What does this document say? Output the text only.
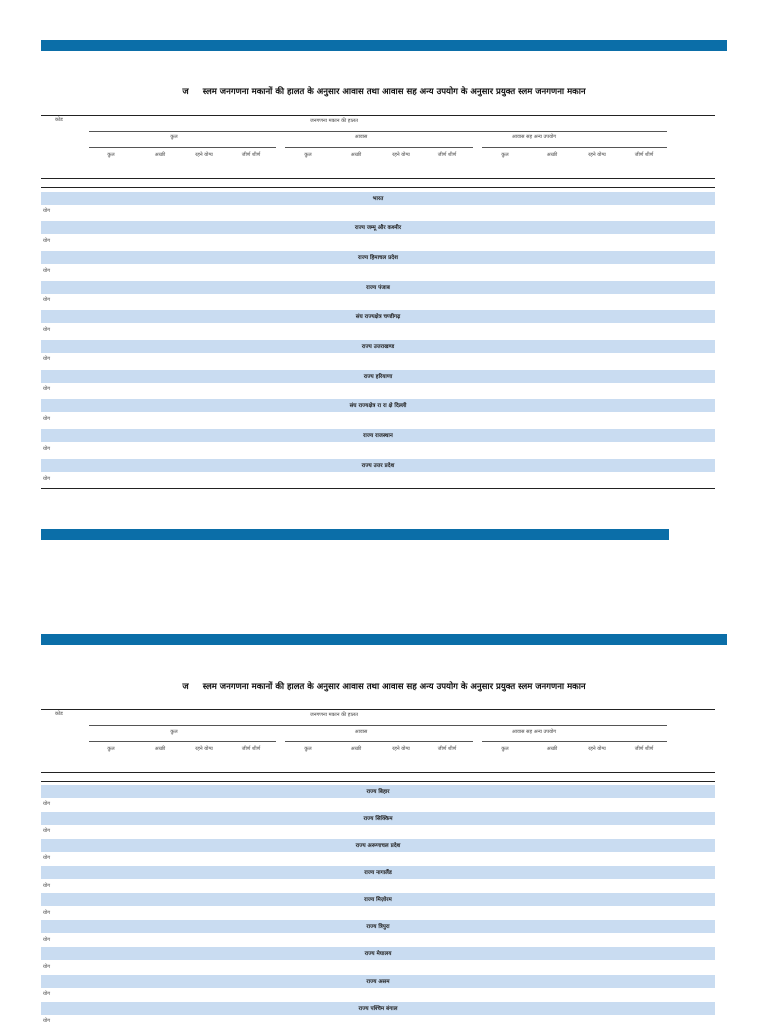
ज स्लम जनगणना मकानों की हालत के अनुसार आवास तथा आवास सह अन्य उपयोग के अनुसार प्रयुक्त स्लम जनगणना मकान
कोड	जनगणना मकान की हालत
कुल	आवास	आवास सह अन्य उपयोग
कुल	अच्छी	रहने योग्य	जीर्ण शीर्ण	कुल	अच्छी	रहने योग्य	जीर्ण शीर्ण	कुल	अच्छी	रहने योग्य	जीर्ण शीर्ण
भारत
योग
राज्य जम्मू और कश्मीर
योग
राज्य हिमाचल प्रदेश
योग
राज्य पंजाब
योग
संघ राज्यक्षेत्र चण्डीगढ़
योग
राज्य उत्तराखण्ड
योग
राज्य हरियाणा
योग
संघ राज्यक्षेत्र रा रा क्षे दिल्ली
योग
राज्य राजस्थान
योग
राज्य उत्तर प्रदेश
योग
ज स्लम जनगणना मकानों की हालत के अनुसार आवास तथा आवास सह अन्य उपयोग के अनुसार प्रयुक्त स्लम जनगणना मकान
कोड	जनगणना मकान की हालत
कुल	आवास	आवास सह अन्य उपयोग
कुल	अच्छी	रहने योग्य	जीर्ण शीर्ण	कुल	अच्छी	रहने योग्य	जीर्ण शीर्ण	कुल	अच्छी	रहने योग्य	जीर्ण शीर्ण
राज्य बिहार
योग
राज्य सिक्किम
योग
राज्य अरूणाचल प्रदेश
योग
राज्य नागालैंड
योग
राज्य मिज़ोरम
योग
राज्य त्रिपुरा
योग
राज्य मेघालय
योग
राज्य असम
योग
राज्य पश्चिम बंगाल
योग
